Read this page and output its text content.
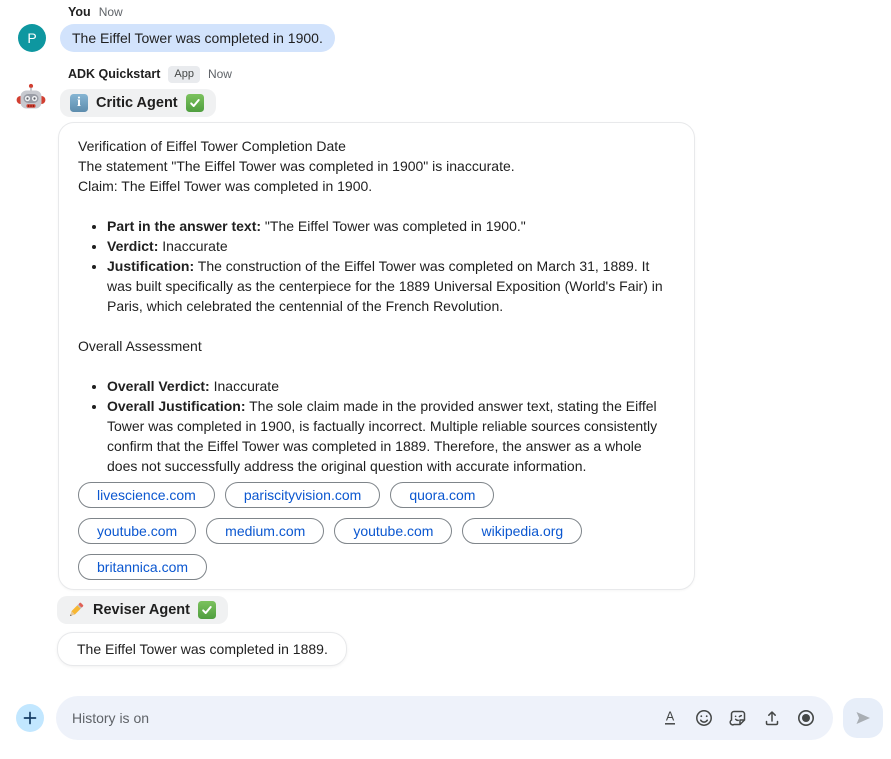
P
You Now
The Eiffel Tower was completed in 1900.
ADK Quickstart	App	Now
i	Critic Agent

Verification of Eiffel Tower Completion Date

The statement "The Eiffel Tower was completed in 1900" is inaccurate.

Claim: The Eiffel Tower was completed in 1900.

• Part in the answer text: "The Eiffel Tower was completed in 1900."
• Verdict: Inaccurate
• Justification: The construction of the Eiffel Tower was completed on March 31, 1889. It was built specifically as the centerpiece for the 1889 Universal Exposition (World's Fair) in Paris, which celebrated the centennial of the French Revolution.

Overall Assessment

• Overall Verdict: Inaccurate
• Overall Justification: The sole claim made in the provided answer text, stating the Eiffel Tower was completed in 1900, is factually incorrect. Multiple reliable sources consistently confirm that the Eiffel Tower was completed in 1889. Therefore, the answer as a whole does not successfully address the original question with accurate information.
livescience.com	pariscityvision.com	quora.com
youtube.com	medium.com	youtube.com	wikipedia.org
britannica.com
Reviser Agent
The Eiffel Tower was completed in 1889.
History is on	A
